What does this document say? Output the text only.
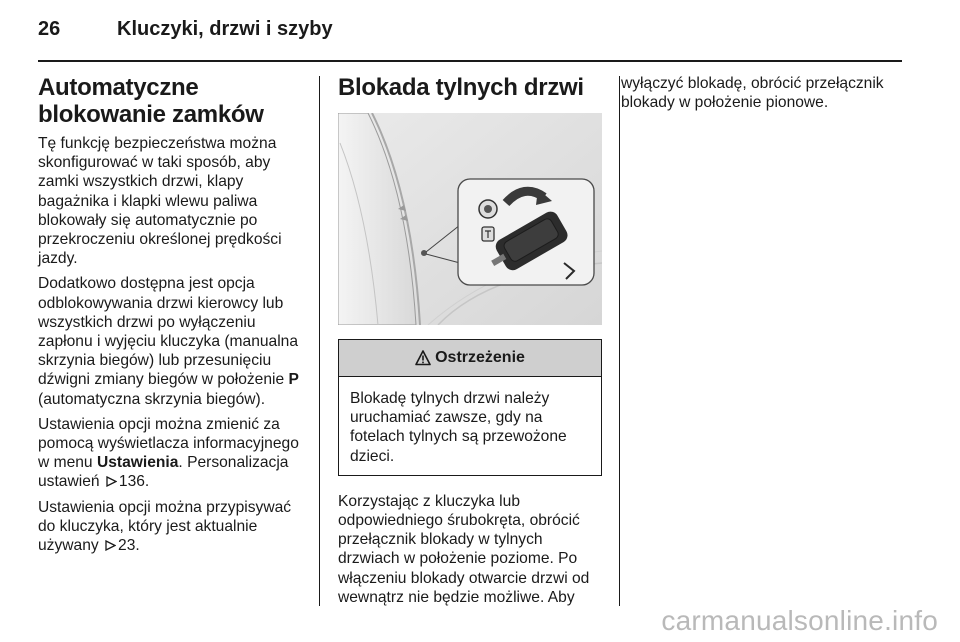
26	Kluczyki, drzwi i szyby
Automatyczne blokowanie zamków

Tę funkcję bezpieczeństwa można skonfigurować w taki sposób, aby zamki wszystkich drzwi, klapy bagażnika i klapki wlewu paliwa blokowały się automatycznie po przekroczeniu określonej prędkości jazdy.

Dodatkowo dostępna jest opcja odblokowywania drzwi kierowcy lub wszystkich drzwi po wyłączeniu zapłonu i wyjęciu kluczyka (manualna skrzynia biegów) lub przesunięciu dźwigni zmiany biegów w położenie P (automatyczna skrzynia biegów).

Ustawienia opcji można zmienić za pomocą wyświetlacza informacyjnego w menu Ustawienia. Personalizacja ustawień 136.

Ustawienia opcji można przypisywać do kluczyka, który jest aktualnie używany 23.

Blokada tylnych drzwi
Ostrzeżenie
Blokadę tylnych drzwi należy uruchamiać zawsze, gdy na fotelach tylnych są przewożone dzieci.

Korzystając z kluczyka lub odpowiedniego śrubokręta, obrócić przełącznik blokady w tylnych drzwiach w położenie poziome. Po włączeniu blokady otwarcie drzwi od wewnątrz nie będzie możliwe. Aby

wyłączyć blokadę, obrócić przełącznik blokady w położenie pionowe.

carmanualsonline.info
